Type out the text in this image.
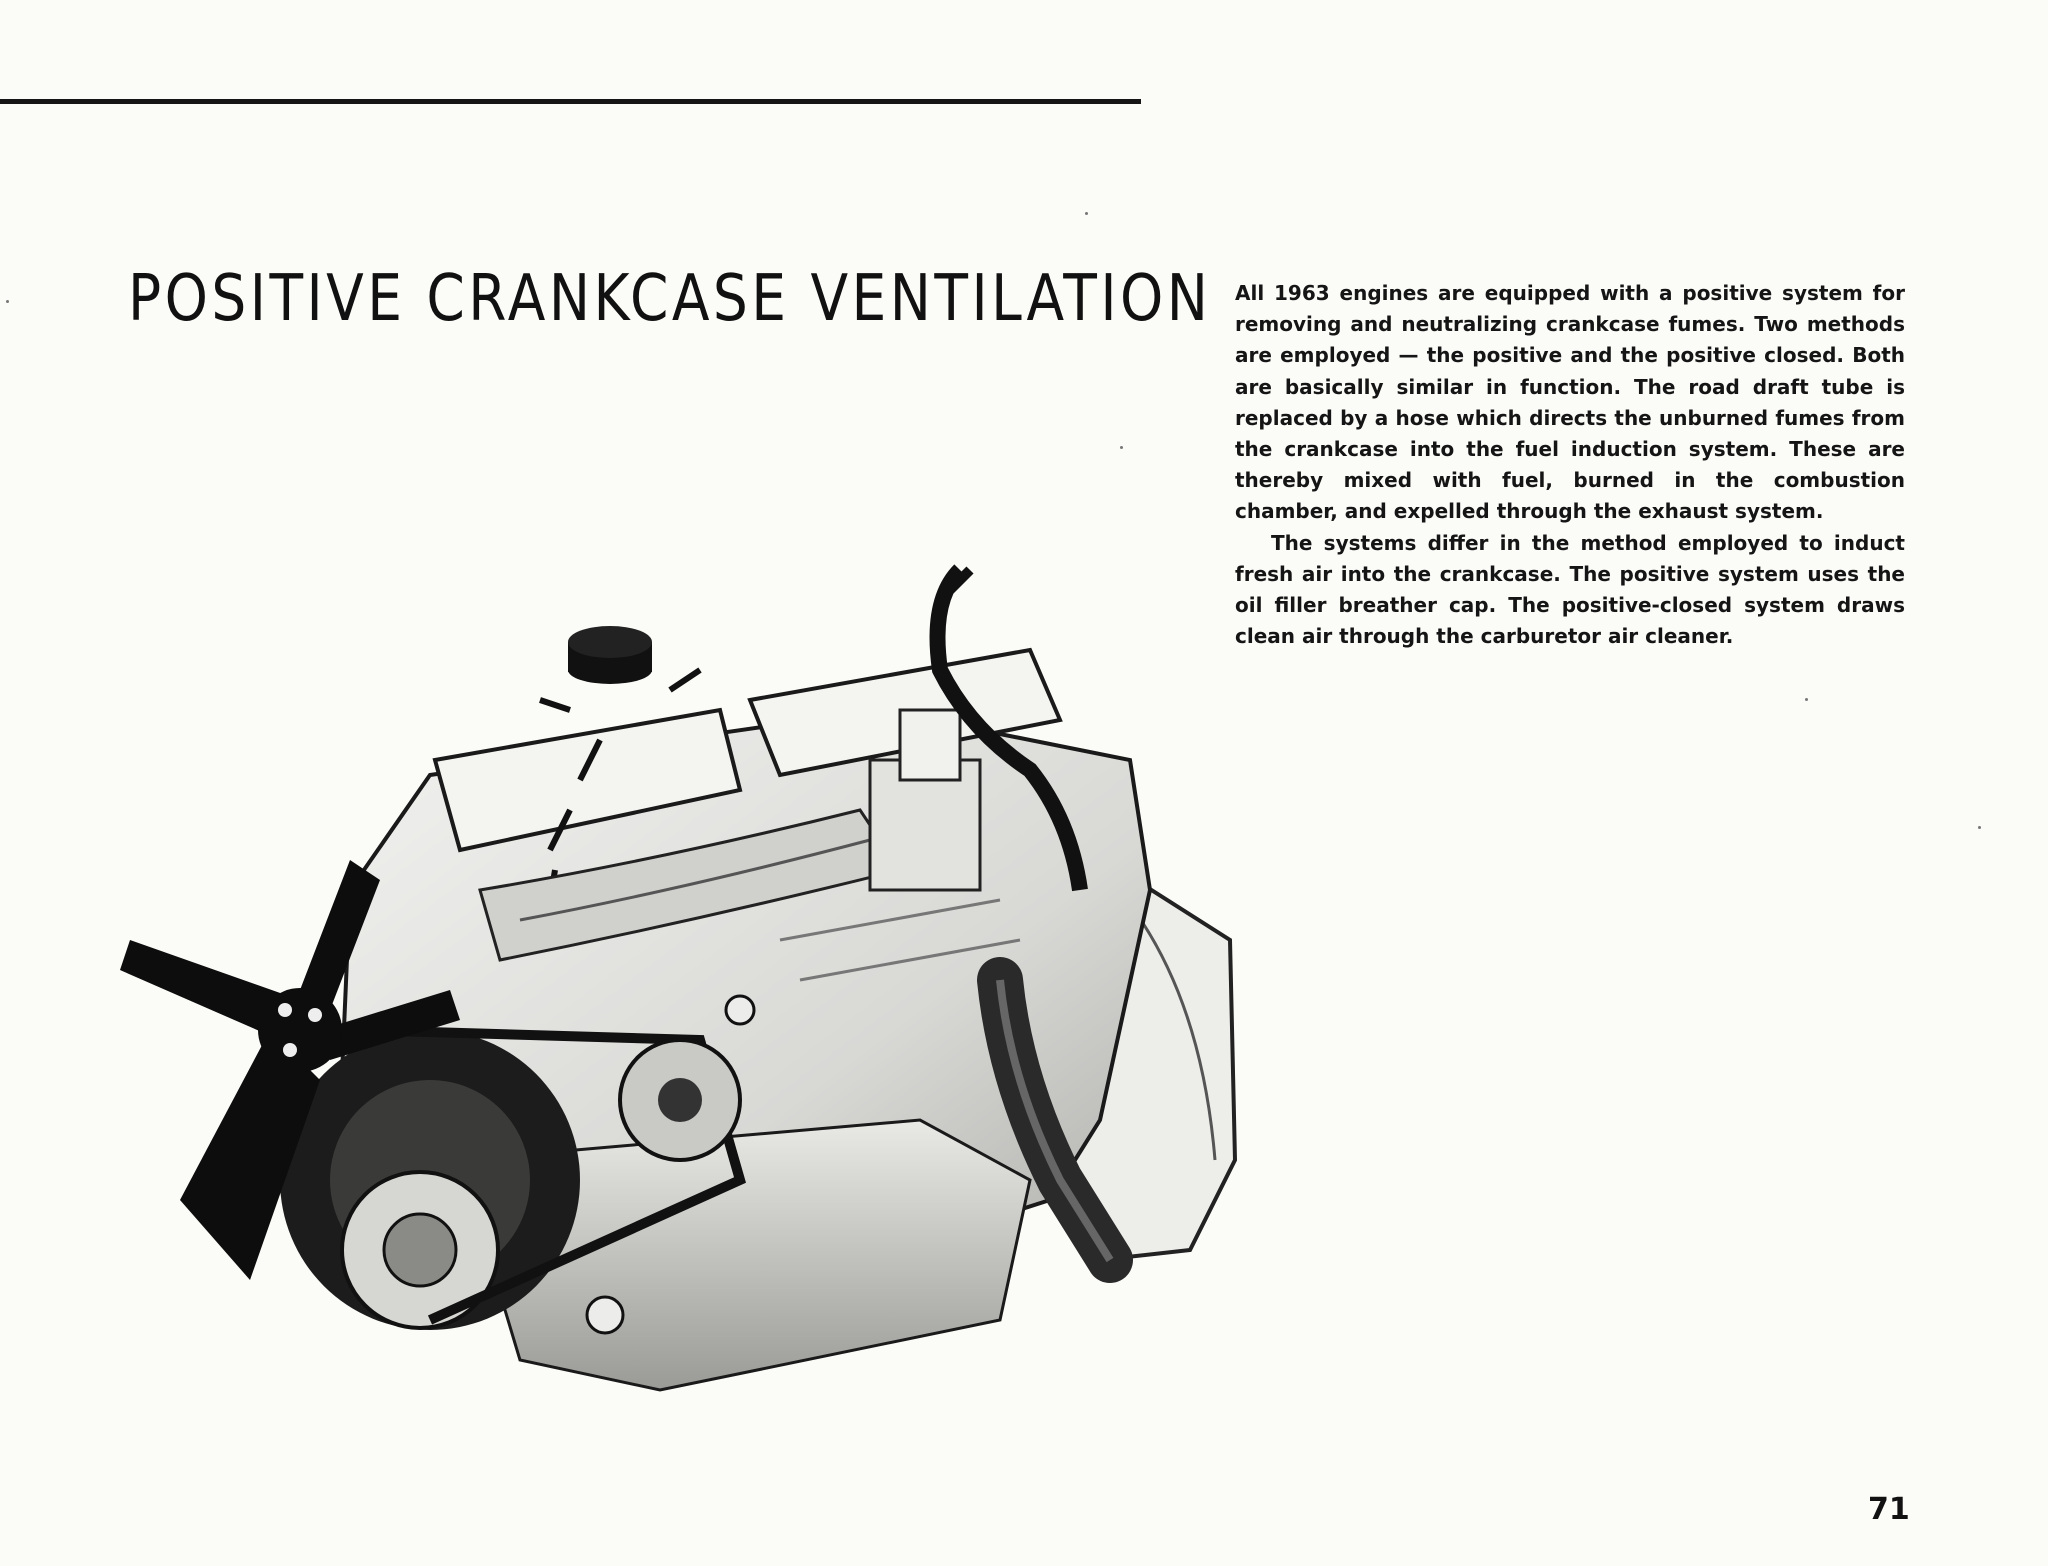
POSITIVE CRANKCASE VENTILATION All 1963 engines are equipped with a positive system for removing and neutralizing crankcase fumes. Two methods are employed — the positive and the positive closed. Both are basically similar in function. The road draft tube is replaced by a hose which directs the unburned fumes from the crankcase into the fuel induction system. These are thereby mixed with fuel, burned in the combustion chamber, and expelled through the exhaust system.

The systems differ in the method employed to induct fresh air into the crankcase. The positive system uses the oil filler breather cap. The positive-closed system draws clean air through the carburetor air cleaner.

71
